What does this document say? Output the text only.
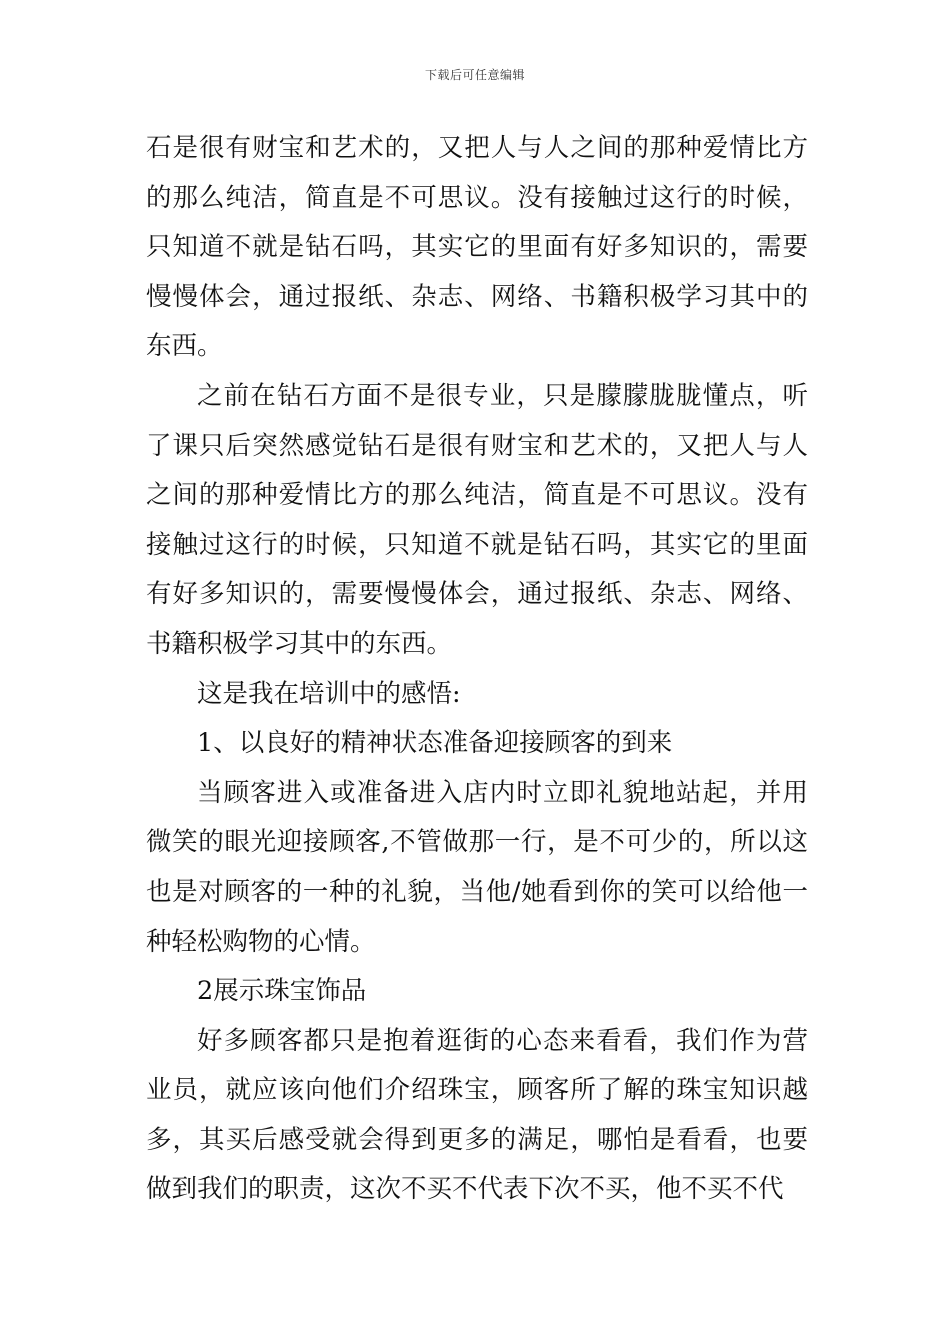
下载后可任意编辑

石是很有财宝和艺术的，又把人与人之间的那种爱情比方的那么纯洁，简直是不可思议。没有接触过这行的时候，只知道不就是钻石吗，其实它的里面有好多知识的，需要慢慢体会，通过报纸、杂志、网络、书籍积极学习其中的东西。

之前在钻石方面不是很专业，只是朦朦胧胧懂点，听了课只后突然感觉钻石是很有财宝和艺术的，又把人与人之间的那种爱情比方的那么纯洁，简直是不可思议。没有接触过这行的时候，只知道不就是钻石吗，其实它的里面有好多知识的，需要慢慢体会，通过报纸、杂志、网络、书籍积极学习其中的东西。

这是我在培训中的感悟:

1、以良好的精神状态准备迎接顾客的到来

当顾客进入或准备进入店内时立即礼貌地站起，并用微笑的眼光迎接顾客,不管做那一行，是不可少的，所以这也是对顾客的一种的礼貌，当他/她看到你的笑可以给他一种轻松购物的心情。

2展示珠宝饰品

好多顾客都只是抱着逛街的心态来看看，我们作为营业员，就应该向他们介绍珠宝，顾客所了解的珠宝知识越多，其买后感受就会得到更多的满足，哪怕是看看，也要做到我们的职责，这次不买不代表下次不买，他不买不代
